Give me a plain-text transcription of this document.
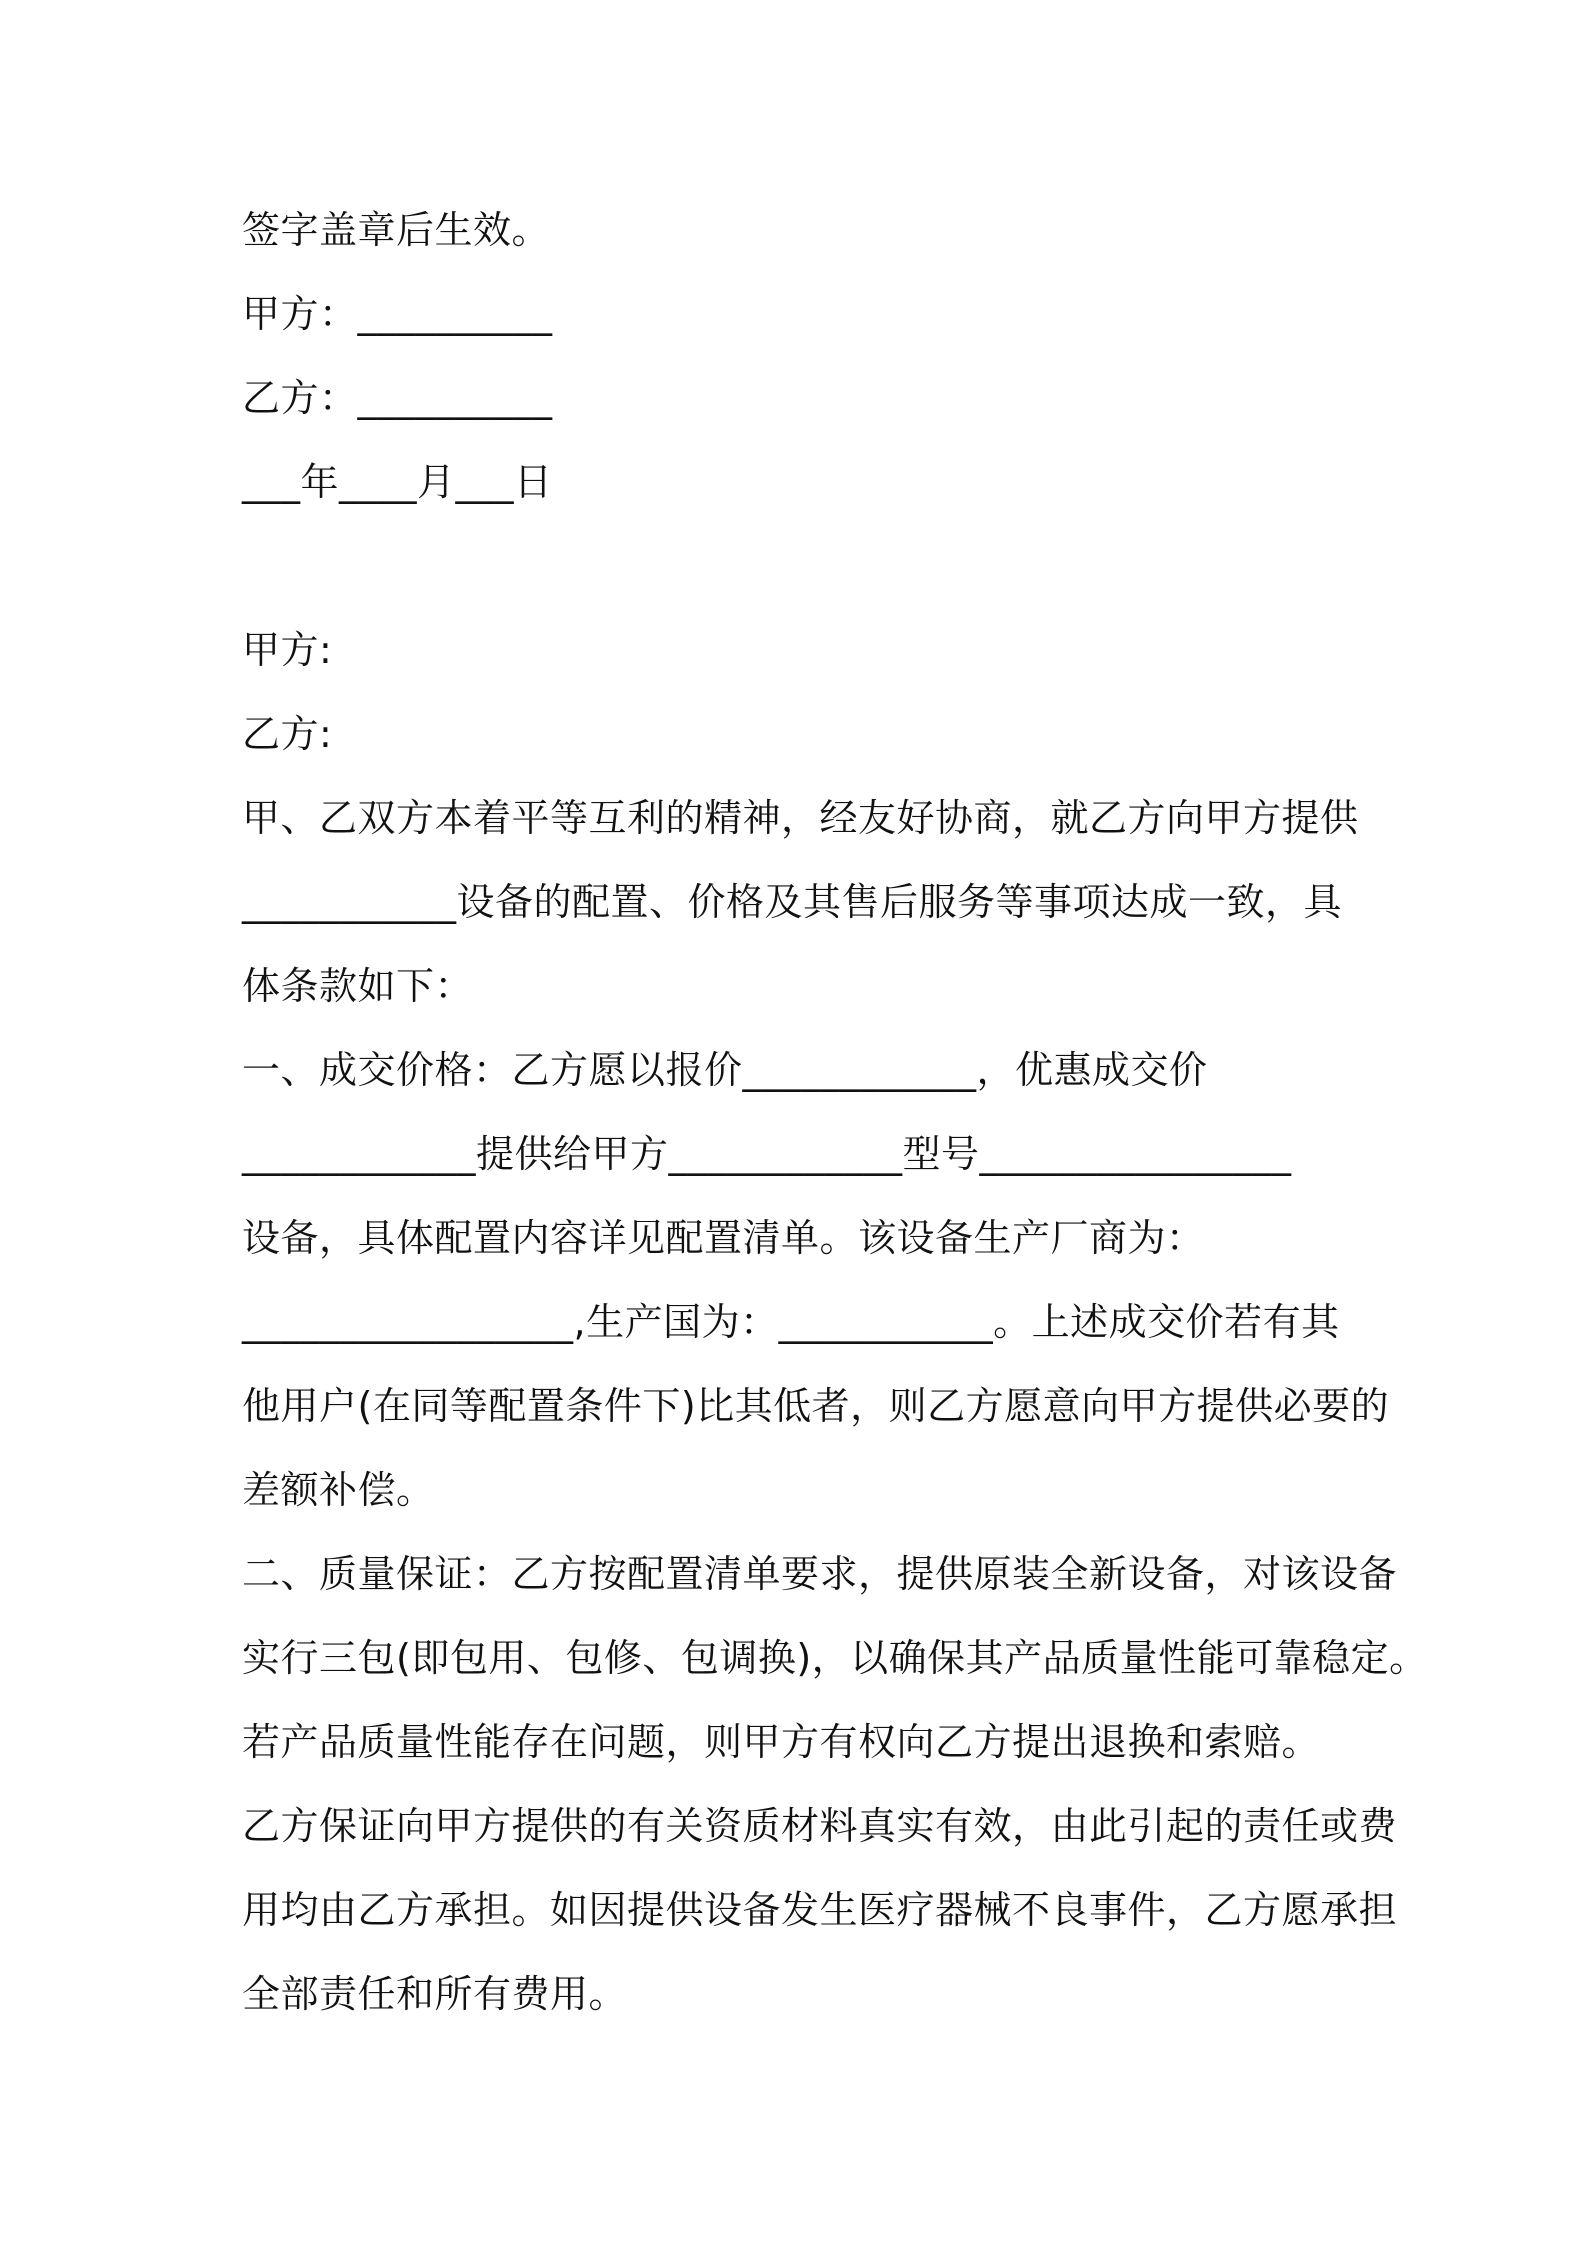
签字盖章后生效。
甲方：__________
乙方：__________
___年____月___日
甲方:
乙方:
甲、乙双方本着平等互利的精神，经友好协商，就乙方向甲方提供
___________设备的配置、价格及其售后服务等事项达成一致，具
体条款如下：
一、成交价格：乙方愿以报价____________，优惠成交价
____________提供给甲方____________型号________________
设备，具体配置内容详见配置清单。该设备生产厂商为：
_________________,生产国为：___________。上述成交价若有其
他用户(在同等配置条件下)比其低者，则乙方愿意向甲方提供必要的
差额补偿。
二、质量保证：乙方按配置清单要求，提供原装全新设备，对该设备
实行三包(即包用、包修、包调换)，以确保其产品质量性能可靠稳定。
若产品质量性能存在问题，则甲方有权向乙方提出退换和索赔。
乙方保证向甲方提供的有关资质材料真实有效，由此引起的责任或费
用均由乙方承担。如因提供设备发生医疗器械不良事件，乙方愿承担
全部责任和所有费用。
